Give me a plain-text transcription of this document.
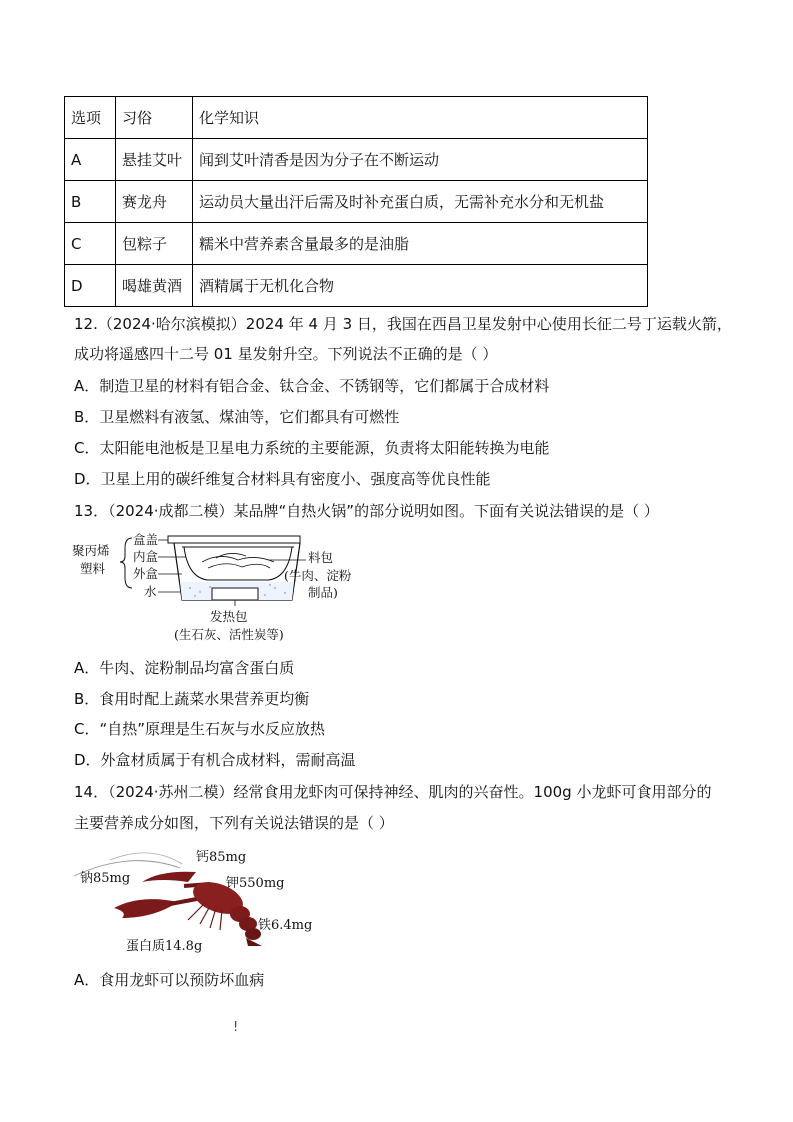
选项	习俗	化学知识
A	悬挂艾叶	闻到艾叶清香是因为分子在不断运动
B	赛龙舟	运动员大量出汗后需及时补充蛋白质，无需补充水分和无机盐
C	包粽子	糯米中营养素含量最多的是油脂
D	喝雄黄酒	酒精属于无机化合物
12.（2024·哈尔滨模拟）2024 年 4 月 3 日，我国在西昌卫星发射中心使用长征二号丁运载火箭，
成功将遥感四十二号 01 星发射升空。下列说法不正确的是（ ）
A．制造卫星的材料有铝合金、钛合金、不锈钢等，它们都属于合成材料
B．卫星燃料有液氢、煤油等，它们都具有可燃性
C．太阳能电池板是卫星电力系统的主要能源，负责将太阳能转换为电能
D．卫星上用的碳纤维复合材料具有密度小、强度高等优良性能
13．（2024·成都二模）某品牌“自热火锅”的部分说明如图。下面有关说法错误的是（ ）
聚丙烯
塑料
盒盖
内盒
外盒
水
料包
(牛肉、淀粉
制品)
发热包
(生石灰、活性炭等)
A．牛肉、淀粉制品均富含蛋白质
B．食用时配上蔬菜水果营养更均衡
C．“自热”原理是生石灰与水反应放热
D．外盒材质属于有机合成材料，需耐高温
14．（2024·苏州二模）经常食用龙虾肉可保持神经、肌肉的兴奋性。100g 小龙虾可食用部分的
主要营养成分如图，下列有关说法错误的是（ ）
钙85mg
钠85mg	钾550mg
铁6.4mg
蛋白质14.8g
A．食用龙虾可以预防坏血病
!
